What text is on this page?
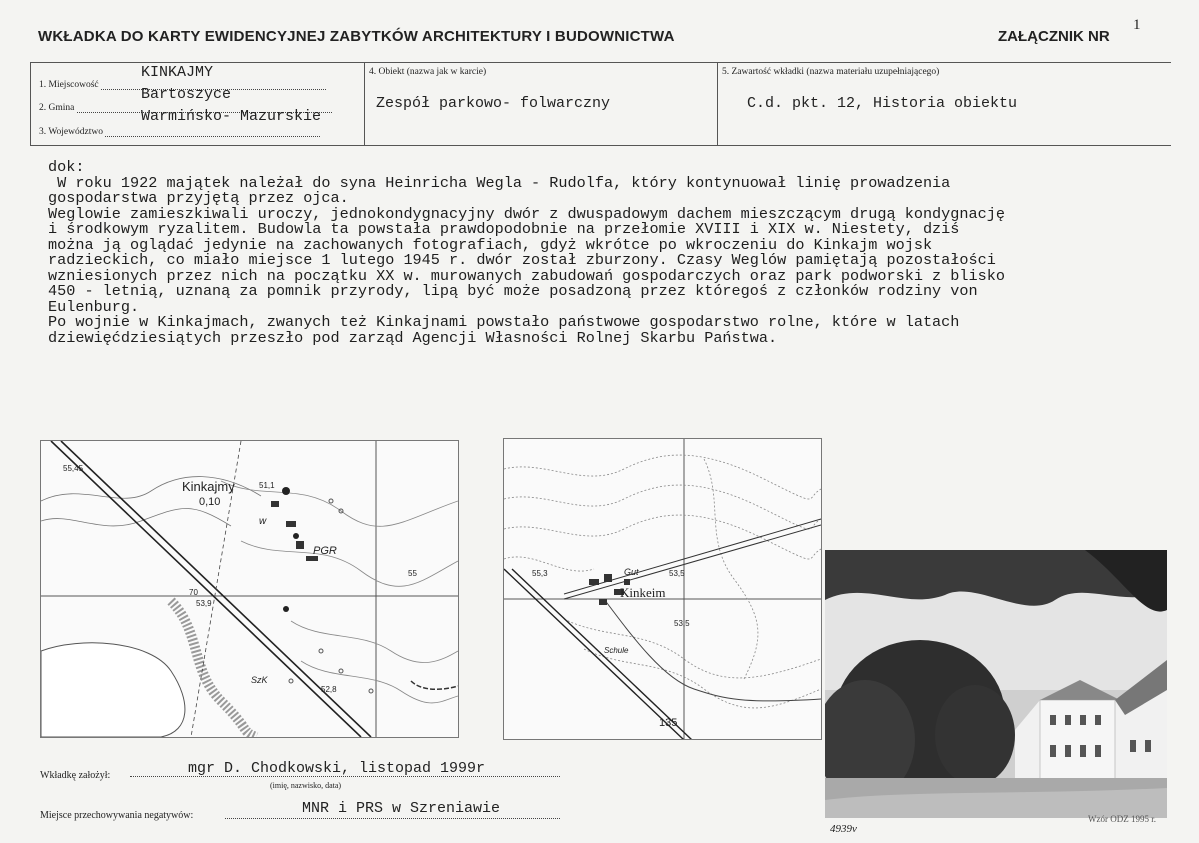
WKŁADKA DO KARTY EWIDENCYJNEJ ZABYTKÓW ARCHITEKTURY I BUDOWNICTWA	ZAŁĄCZNIK NR
1
1. Miejscowość
KINKAJMY
2. Gmina
Bartoszyce
3. Województwo
Warmińsko- Mazurskie
4. Obiekt (nazwa jak w karcie)
Zespół parkowo- folwarczny
5. Zawartość wkładki (nazwa materiału uzupełniającego)
C.d. pkt. 12, Historia obiektu
dok:
W roku 1922 majątek należał do syna Heinricha Wegla - Rudolfa, który kontynuował linię prowadzenia
gospodarstwa przyjętą przez ojca.
Weglowie zamieszkiwali uroczy, jednokondygnacyjny dwór z dwuspadowym dachem mieszczącym drugą kondygnację
i środkowym ryzalitem. Budowla ta powstała prawdopodobnie na przełomie XVIII i XIX w. Niestety, dziś
można ją oglądać jedynie na zachowanych fotografiach, gdyż wkrótce po wkroczeniu do Kinkajm wojsk
radzieckich, co miało miejsce 1 lutego 1945 r. dwór został zburzony. Czasy Weglów pamiętają pozostałości
wzniesionych przez nich na początku XX w. murowanych zabudowań gospodarczych oraz park podworski z blisko
450 - letnią, uznaną za pomnik przyrody, lipą być może posadzoną przez któregoś z członków rodziny von
Eulenburg.
Po wojnie w Kinkajmach, zwanych też Kinkajnami powstało państwowe gospodarstwo rolne, które w latach
dziewięćdziesiątych przeszło pod zarząd Agencji Własności Rolnej Skarbu Państwa.
Kinkajmy
0,10
PGR
55,45
51,1
53,9
52,8
55
70
w
SzK
Kinkeim
Gut
135
55,3	53,5
53,5
Schule
Wkładkę założył:	mgr D. Chodkowski, listopad 1999r
(imię, nazwisko, data)
Miejsce przechowywania negatywów:	MNR i PRS w Szreniawie
4939v
Wzór ODZ 1995 r.
